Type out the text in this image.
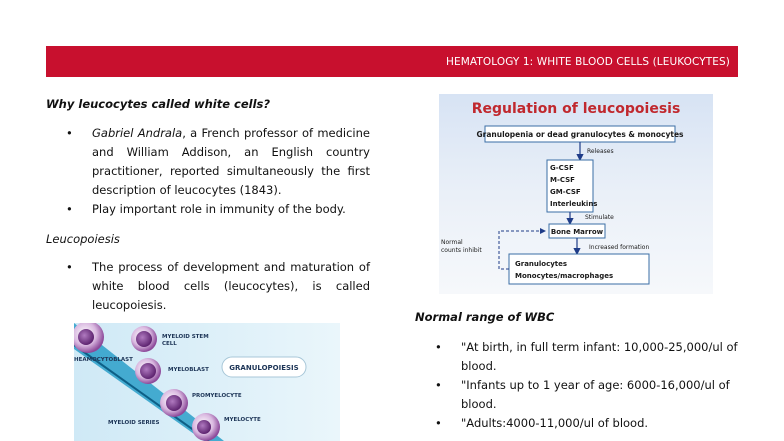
HEMATOLOGY 1: WHITE BLOOD CELLS (LEUKOCYTES)
Why leucocytes called white cells?
• Gabriel Andrala, a French professor of medicine and William Addison, an English country practitioner, reported simultaneously the first description of leucocytes (1843).
• Play important role in immunity of the body.
Leucopoiesis
• The process of development and maturation of white blood cells (leucocytes), is called leucopoiesis.
MYELOID STEM CELL
HEAMOCYTOBLAST
MYELOBLAST	GRANULOPOIESIS
PROMYELOCYTE
MYELOID SERIES	MYELOCYTE
Regulation of leucopoiesis
Granulopenia or dead granulocytes & monocytes
Releases
G-CSF
M-CSF
GM-CSF
Interleukins
Stimulate
Bone Marrow
Increased formation
Granulocytes
Monocytes/macrophages
Normal
counts inhibit
Normal range of WBC
• "At birth, in full term infant: 10,000-25,000/ul of blood.
• "Infants up to 1 year of age: 6000-16,000/ul of blood.
• "Adults:4000-11,000/ul of blood.
